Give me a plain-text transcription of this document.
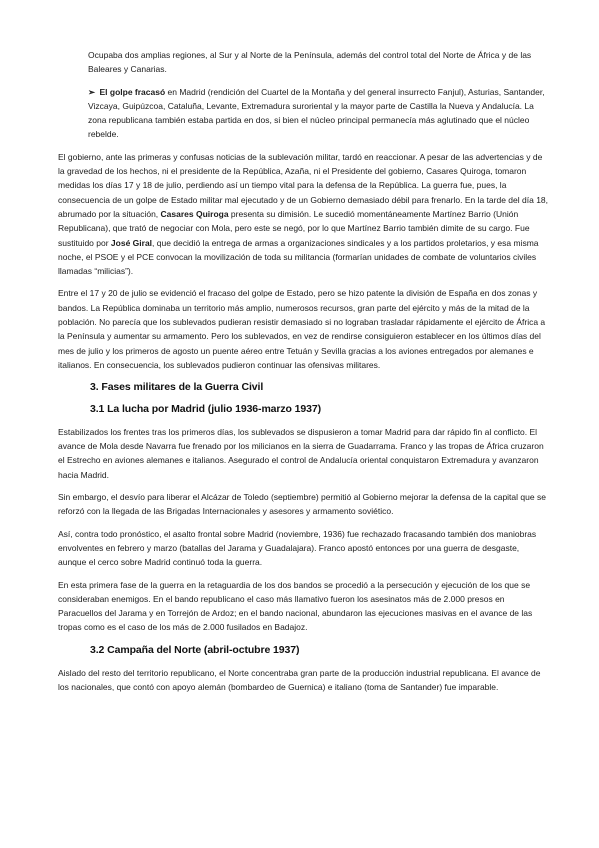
Ocupaba dos amplias regiones, al Sur y al Norte de la Península, además del control total del Norte de África y de las Baleares y Canarias.

➢ El golpe fracasó en Madrid (rendición del Cuartel de la Montaña y del general insurrecto Fanjul), Asturias, Santander, Vizcaya, Guipúzcoa, Cataluña, Levante, Extremadura suroriental y la mayor parte de Castilla la Nueva y Andalucía. La zona republicana también estaba partida en dos, si bien el núcleo principal permanecía más aglutinado que el núcleo rebelde.

El gobierno, ante las primeras y confusas noticias de la sublevación militar, tardó en reaccionar. A pesar de las advertencias y de la gravedad de los hechos, ni el presidente de la República, Azaña, ni el Presidente del gobierno, Casares Quiroga, tomaron medidas los días 17 y 18 de julio, perdiendo así un tiempo vital para la defensa de la República. La guerra fue, pues, la consecuencia de un golpe de Estado militar mal ejecutado y de un Gobierno demasiado débil para frenarlo. En la tarde del día 18, abrumado por la situación, Casares Quiroga presenta su dimisión. Le sucedió momentáneamente Martínez Barrio (Unión Republicana), que trató de negociar con Mola, pero este se negó, por lo que Martínez Barrio también dimite de su cargo. Fue sustituido por José Giral, que decidió la entrega de armas a organizaciones sindicales y a los partidos proletarios, y esa misma noche, el PSOE y el PCE convocan la movilización de toda su militancia (formarían unidades de combate de voluntarios civiles llamadas “milicias”).

Entre el 17 y 20 de julio se evidenció el fracaso del golpe de Estado, pero se hizo patente la división de España en dos zonas y bandos. La República dominaba un territorio más amplio, numerosos recursos, gran parte del ejército y más de la mitad de la población. No parecía que los sublevados pudieran resistir demasiado si no lograban trasladar rápidamente el ejército de África a la Península y aumentar su armamento. Pero los sublevados, en vez de rendirse consiguieron establecer en los últimos días del mes de julio y los primeros de agosto un puente aéreo entre Tetuán y Sevilla gracias a los aviones entregados por alemanes e italianos. En consecuencia, los sublevados pudieron continuar las ofensivas militares.

3. Fases militares de la Guerra Civil
3.1 La lucha por Madrid (julio 1936-marzo 1937)

Estabilizados los frentes tras los primeros días, los sublevados se dispusieron a tomar Madrid para dar rápido fin al conflicto. El avance de Mola desde Navarra fue frenado por los milicianos en la sierra de Guadarrama. Franco y las tropas de África cruzaron el Estrecho en aviones alemanes e italianos. Asegurado el control de Andalucía oriental conquistaron Extremadura y avanzaron hacia Madrid.

Sin embargo, el desvío para liberar el Alcázar de Toledo (septiembre) permitió al Gobierno mejorar la defensa de la capital que se reforzó con la llegada de las Brigadas Internacionales y asesores y armamento soviético.

Así, contra todo pronóstico, el asalto frontal sobre Madrid (noviembre, 1936) fue rechazado fracasando también dos maniobras envolventes en febrero y marzo (batallas del Jarama y Guadalajara). Franco apostó entonces por una guerra de desgaste, aunque el cerco sobre Madrid continuó toda la guerra.

En esta primera fase de la guerra en la retaguardia de los dos bandos se procedió a la persecución y ejecución de los que se consideraban enemigos. En el bando republicano el caso más llamativo fueron los asesinatos más de 2.000 presos en Paracuellos del Jarama y en Torrejón de Ardoz; en el bando nacional, abundaron las ejecuciones masivas en el avance de las tropas como es el caso de los más de 2.000 fusilados en Badajoz.

3.2 Campaña del Norte (abril-octubre 1937)

Aislado del resto del territorio republicano, el Norte concentraba gran parte de la producción industrial republicana. El avance de los nacionales, que contó con apoyo alemán (bombardeo de Guernica) e italiano (toma de Santander) fue imparable.
